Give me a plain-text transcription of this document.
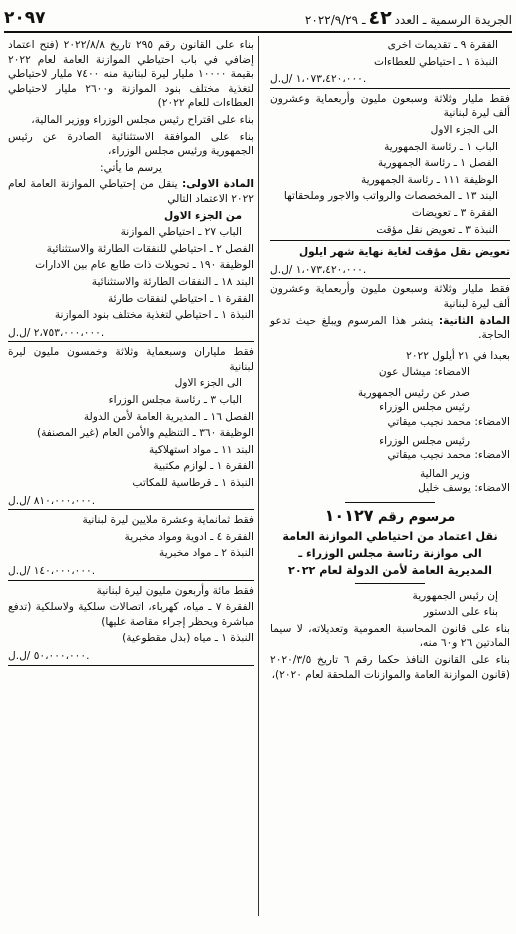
الجريدة الرسمية ـ العدد٤٢ـ ٢٠٢٢/٩/٢٩
٢٠٩٧
الفقرة ٩ ـ تقديمات اخرى
النبذة ١ ـ احتياطي للعطاءات
١،٠٧٣،٤٢٠،٠٠٠ /ل.ل.
فقط مليار وثلاثة وسبعون مليون وأربعماية وعشرون ألف ليرة لبنانية
الى الجزء الاول
الباب ١ ـ رئاسة الجمهورية
الفصل ١ ـ رئاسة الجمهورية
الوظيفة ١١١ ـ رئاسة الجمهورية
البند ١٣ ـ المخصصات والرواتب والاجور وملحقاتها
الفقرة ٣ ـ تعويضات
النبذة ٣ ـ تعويض نقل مؤقت
تعويض نقل مؤقت لغاية نهاية شهر ايلول
١،٠٧٣،٤٢٠،٠٠٠ /ل.ل.
فقط مليار وثلاثة وسبعون مليون وأربعماية وعشرون ألف ليرة لبنانية
المادة الثانية: ينشر هذا المرسوم ويبلغ حيث تدعو الحاجة.
بعبدا في ٢١ أيلول ٢٠٢٢
الامضاء: ميشال عون
صدر عن رئيس الجمهورية
رئيس مجلس الوزراء
الامضاء: محمد نجيب ميقاتي
رئيس مجلس الوزراء
الامضاء: محمد نجيب ميقاتي
وزير المالية
الامضاء: يوسف خليل
مرسوم رقم ١٠١٢٧
نقل اعتماد من احتياطي الموازنة العامة
الى موازنة رئاسة مجلس الوزراء ـ
المديرية العامة لأمن الدولة لعام ٢٠٢٢
إن رئيس الجمهورية
بناء على الدستور
بناء على قانون المحاسبة العمومية وتعديلاته، لا سيما المادتين ٢٦ و٦٠ منه،
بناء على القانون النافذ حكما رقم ٦ تاريخ ٢٠٢٠/٣/٥ (قانون الموازنة العامة والموازنات الملحقة لعام ٢٠٢٠)،
بناء على القانون رقم ٢٩٥ تاريخ ٢٠٢٢/٨/٨ (فتح اعتماد إضافي في باب احتياطي الموازنة العامة لعام ٢٠٢٢ بقيمة ١٠٠٠٠ مليار ليرة لبنانية منه ٧٤٠٠ مليار لاحتياطي لتغذية مختلف بنود الموازنة و٢٦٠٠ مليار لاحتياطي العطاءات للعام ٢٠٢٢)
بناء على اقتراح رئيس مجلس الوزراء ووزير المالية،
بناء على الموافقة الاستثنائية الصادرة عن رئيس الجمهورية ورئيس مجلس الوزراء،
يرسم ما يأتي:
المادة الاولى: ينقل من إحتياطي الموازنة العامة لعام ٢٠٢٢ الاعتماد التالي
من الجزء الاول
الباب ٢٧ ـ احتياطي الموازنة
الفصل ٢ ـ احتياطي للنفقات الطارئة والاستثنائية
الوظيفة ١٩٠ ـ تحويلات ذات طابع عام بين الادارات
البند ١٨ ـ النفقات الطارئة والاستثنائية
الفقرة ١ ـ احتياطي لنفقات طارئة
النبذة ١ ـ احتياطي لتغذية مختلف بنود الموازنة
٢،٧٥٣،٠٠٠،٠٠٠ /ل.ل.
فقط ملياران وسبعماية وثلاثة وخمسون مليون ليرة لبنانية
الى الجزء الاول
الباب ٣ ـ رئاسة مجلس الوزراء
الفصل ١٦ ـ المديرية العامة لأمن الدولة
الوظيفة ٣٦٠ ـ التنظيم والأمن العام (غير المصنفة)
البند ١١ ـ مواد استهلاكية
الفقرة ١ ـ لوازم مكتبية
النبذة ١ ـ قرطاسية للمكاتب
٨١٠،٠٠٠،٠٠٠ /ل.ل.
فقط ثمانماية وعشرة ملايين ليرة لبنانية
الفقرة ٤ ـ ادوية ومواد مخبرية
النبذة ٢ ـ مواد مخبرية
١٤٠،٠٠٠،٠٠٠ /ل.ل.
فقط مائة وأربعون مليون ليرة لبنانية
الفقرة ٧ ـ مياه، كهرباء، اتصالات سلكية ولاسلكية (تدفع مباشرة ويحظر إجراء مقاصة عليها)
النبذة ١ ـ مياه (بدل مقطوعية)
٥٠،٠٠٠،٠٠٠ /ل.ل.
